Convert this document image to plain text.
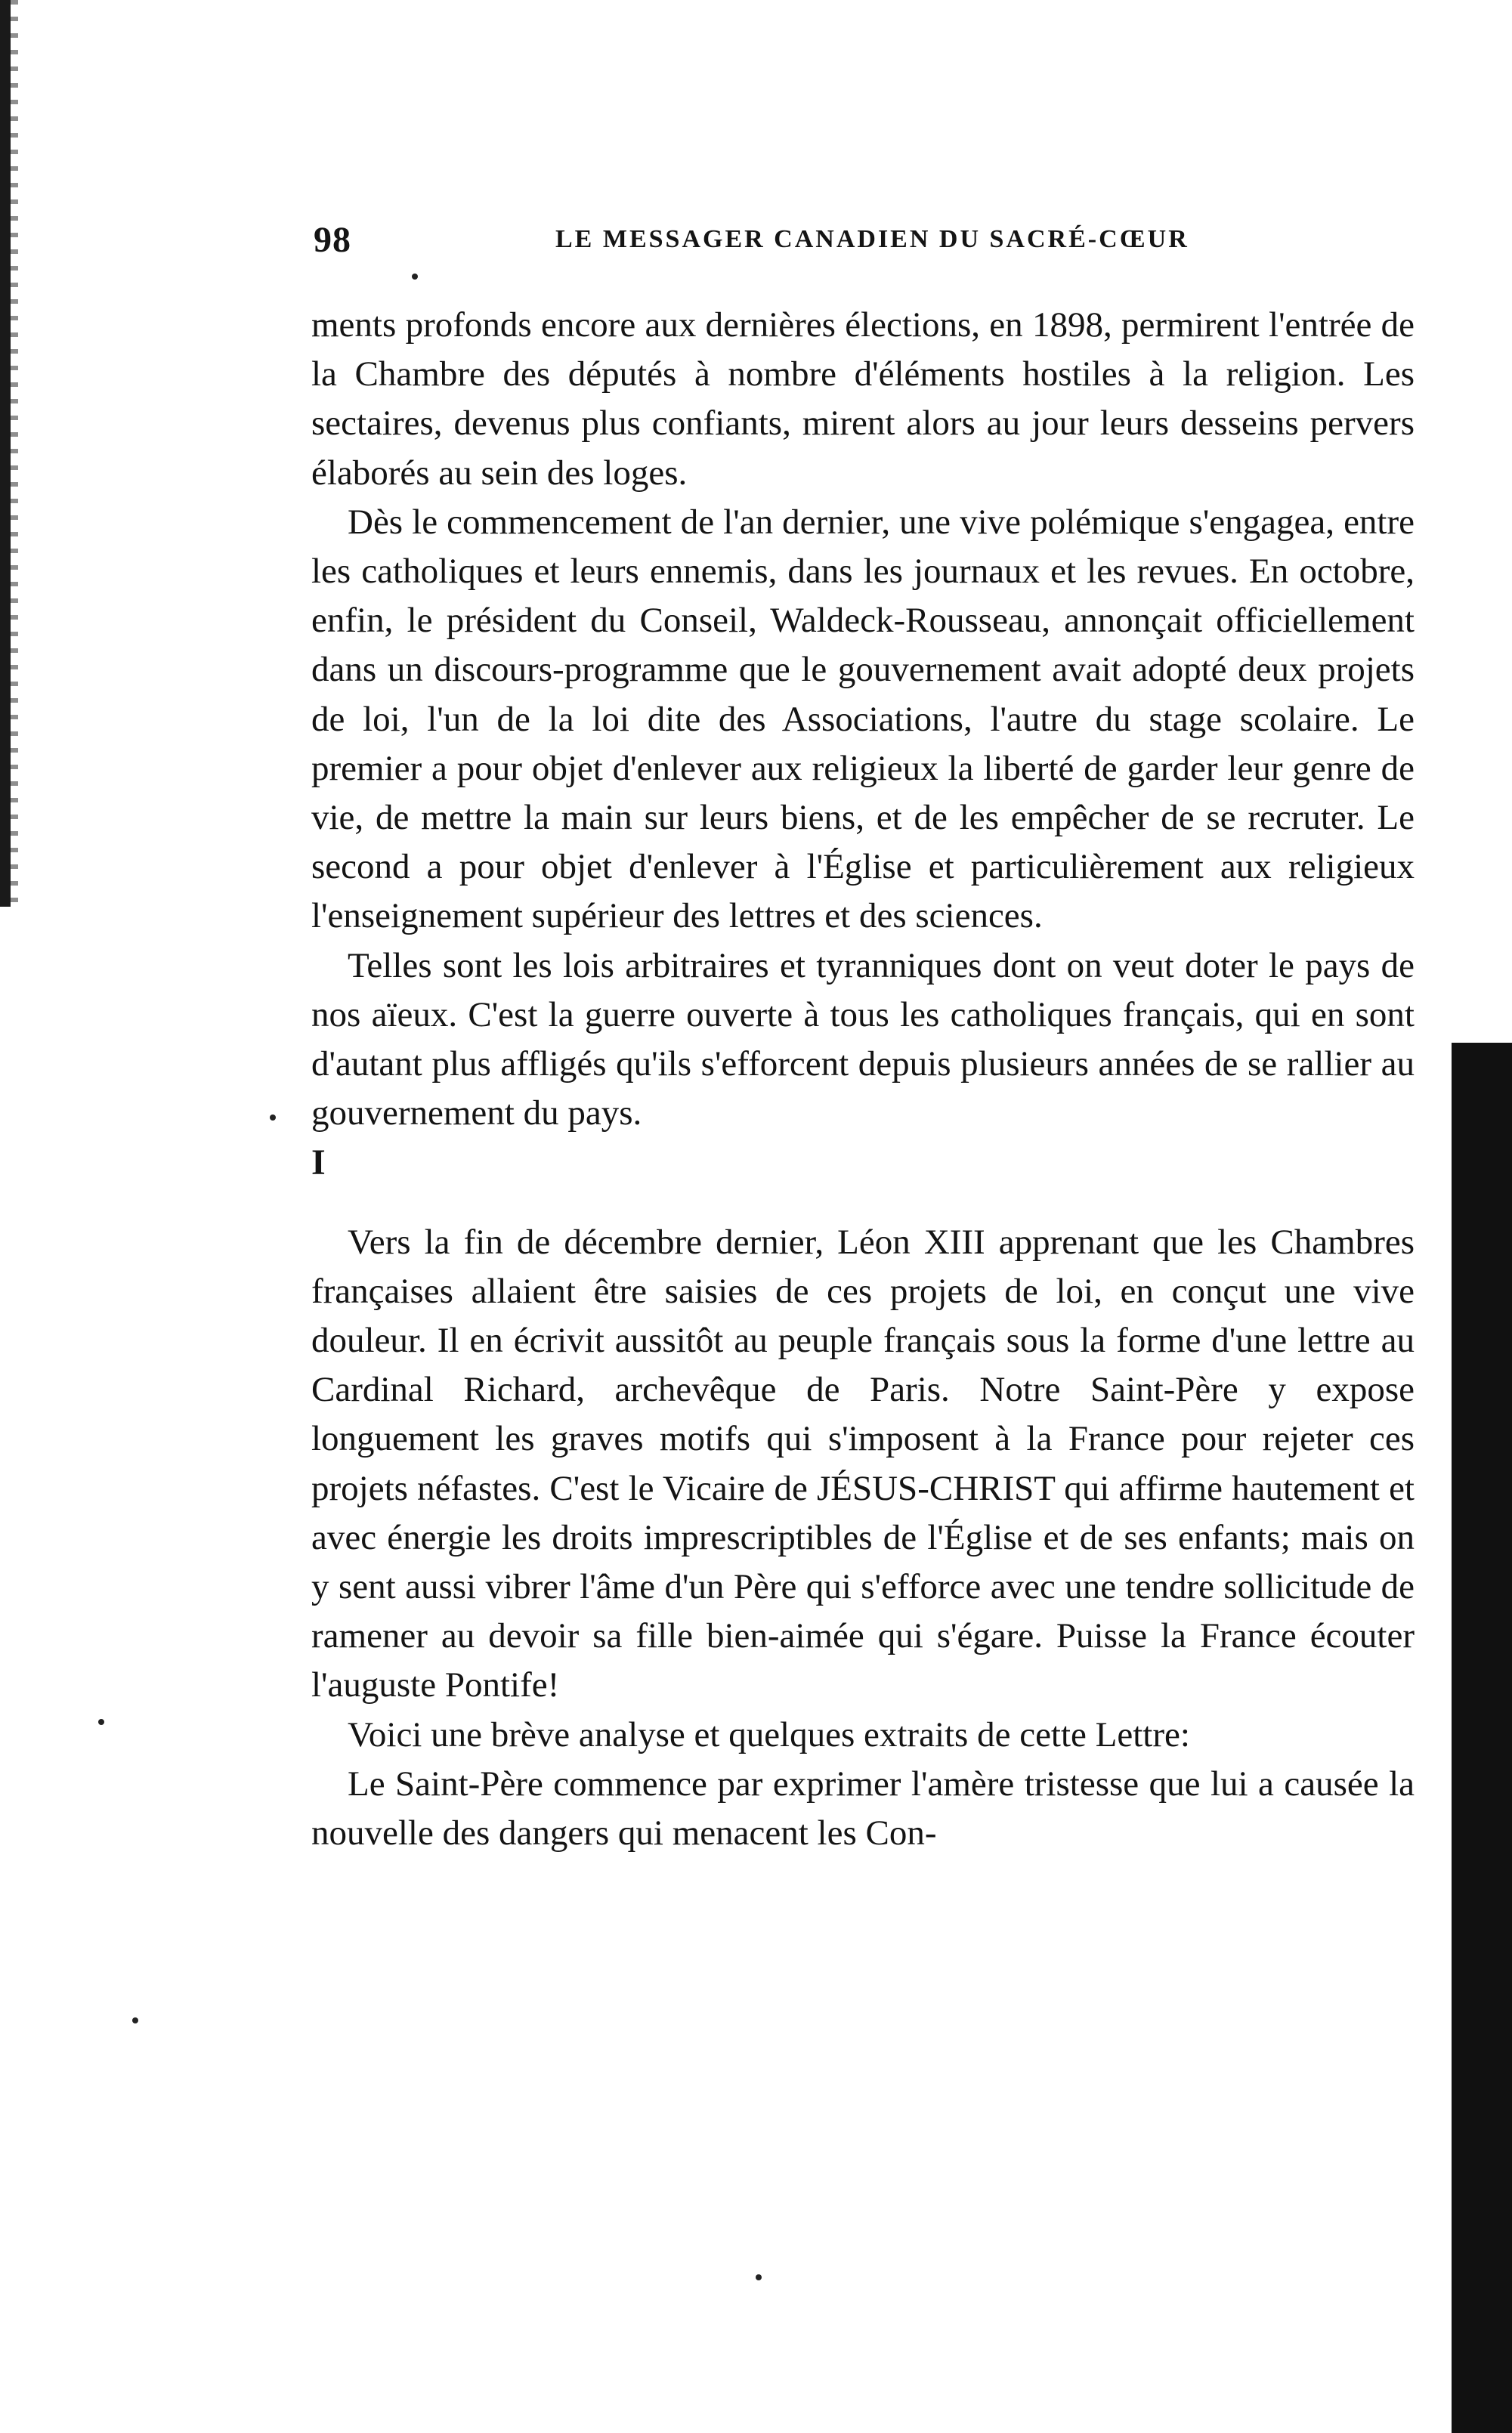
98	LE MESSAGER CANADIEN DU SACRÉ-CŒUR

ments profonds encore aux dernières élections, en 1898, permirent l'entrée de la Chambre des députés à nombre d'éléments hostiles à la religion. Les sectaires, devenus plus confiants, mirent alors au jour leurs desseins pervers élaborés au sein des loges.

Dès le commencement de l'an dernier, une vive polémique s'engagea, entre les catholiques et leurs ennemis, dans les journaux et les revues. En octobre, enfin, le président du Conseil, Waldeck-Rousseau, annonçait officiellement dans un discours-programme que le gouvernement avait adopté deux projets de loi, l'un de la loi dite des Associations, l'autre du stage scolaire. Le premier a pour objet d'enlever aux religieux la liberté de garder leur genre de vie, de mettre la main sur leurs biens, et de les empêcher de se recruter. Le second a pour objet d'enlever à l'Église et particulièrement aux religieux l'enseignement supérieur des lettres et des sciences.

Telles sont les lois arbitraires et tyranniques dont on veut doter le pays de nos aïeux. C'est la guerre ouverte à tous les catholiques français, qui en sont d'autant plus affligés qu'ils s'efforcent depuis plusieurs années de se rallier au gouvernement du pays.

I

Vers la fin de décembre dernier, Léon XIII apprenant que les Chambres françaises allaient être saisies de ces projets de loi, en conçut une vive douleur. Il en écrivit aussitôt au peuple français sous la forme d'une lettre au Cardinal Richard, archevêque de Paris. Notre Saint-Père y expose longuement les graves motifs qui s'imposent à la France pour rejeter ces projets néfastes. C'est le Vicaire de JÉSUS-CHRIST qui affirme hautement et avec énergie les droits imprescriptibles de l'Église et de ses enfants; mais on y sent aussi vibrer l'âme d'un Père qui s'efforce avec une tendre sollicitude de ramener au devoir sa fille bien-aimée qui s'égare. Puisse la France écouter l'auguste Pontife!

Voici une brève analyse et quelques extraits de cette Lettre:

Le Saint-Père commence par exprimer l'amère tristesse que lui a causée la nouvelle des dangers qui menacent les Con-
